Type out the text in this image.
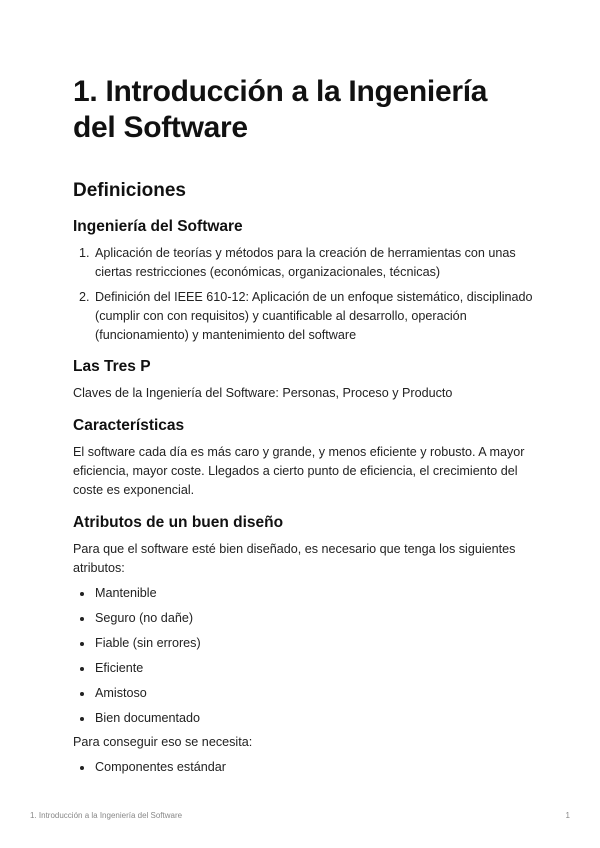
1. Introducción a la Ingeniería del Software
Definiciones
Ingeniería del Software
1. Aplicación de teorías y métodos para la creación de herramientas con unas ciertas restricciones (económicas, organizacionales, técnicas)
2. Definición del IEEE 610-12: Aplicación de un enfoque sistemático, disciplinado (cumplir con con requisitos) y cuantificable al desarrollo, operación (funcionamiento) y mantenimiento del software
Las Tres P

Claves de la Ingeniería del Software: Personas, Proceso y Producto

Características

El software cada día es más caro y grande, y menos eficiente y robusto. A mayor eficiencia, mayor coste. Llegados a cierto punto de eficiencia, el crecimiento del coste es exponencial.

Atributos de un buen diseño

Para que el software esté bien diseñado, es necesario que tenga los siguientes atributos:

Mantenible
Seguro (no dañe)
Fiable (sin errores)
Eficiente
Amistoso
Bien documentado

Para conseguir eso se necesita:

Componentes estándar
1. Introducción a la Ingeniería del Software	1
